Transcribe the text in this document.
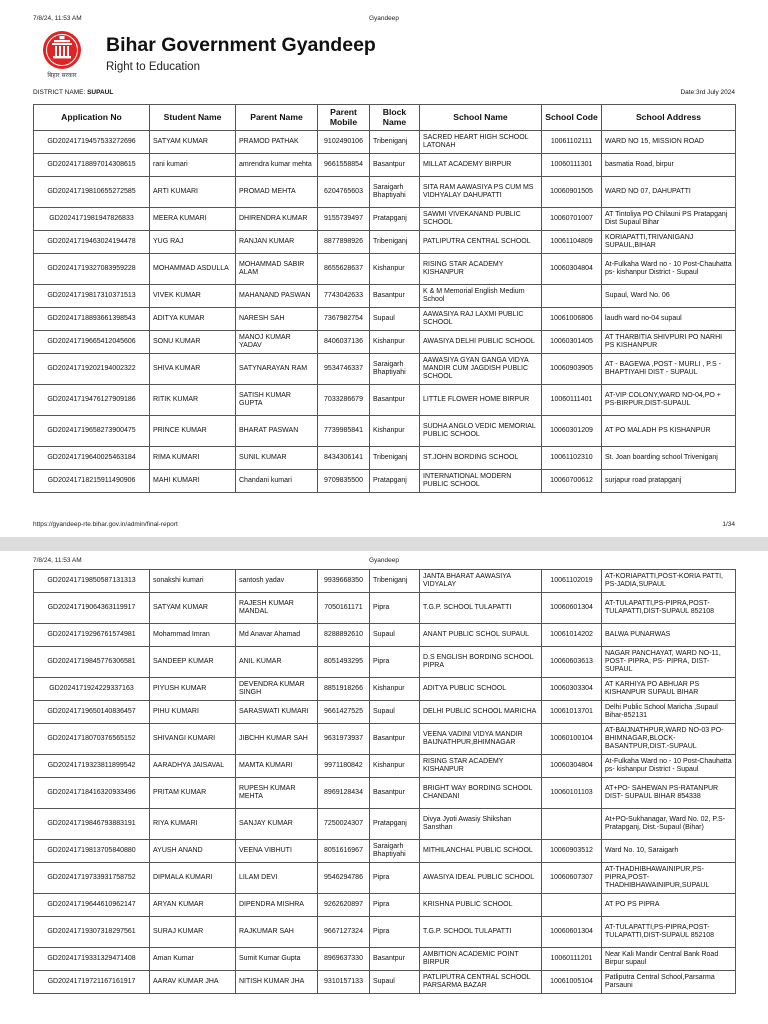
7/8/24, 11:53 AM	Gyandeep
बिहार सरकार
Bihar Government Gyandeep
Right to Education
DISTRICT NAME: SUPAUL	Date:3rd July 2024
Application No	Student Name	Parent Name	Parent Mobile	Block Name	School Name	School Code	School Address
GD20241719457533272696	SATYAM KUMAR	PRAMOD PATHAK	9102490106	Tribeniganj	SACRED HEART HIGH SCHOOL LATONAH	10061102111	WARD NO 15, MISSION ROAD
GD20241718897014308615	rani kumari	amrendra kumar mehta	9661558854	Basantpur	MILLAT ACADEMY BIRPUR	10060111301	basmatia Road, birpur
GD20241719810655272585	ARTI KUMARI	PROMAD MEHTA	6204765603	Saraigarh Bhaptiyahi	SITA RAM AAWASIYA PS CUM MS VIDHYALAY DAHUPATTI	10060901505	WARD NO 07, DAHUPATTI
GD2024171981947826833	MEERA KUMARI	DHIRENDRA KUMAR	9155739497	Pratapganj	SAWMI VIVEKANAND PUBLIC SCHOOL	10060701007	AT Tintoliya PO Chilauni PS Pratapganj Dist Supaul Bihar
GD20241719463024194478	YUG RAJ	RANJAN KUMAR	8877898926	Tribeniganj	PATLIPUTRA CENTRAL SCHOOL	10061104809	KORIAPATTI,TRIVANIGANJ SUPAUL,BIHAR
GD20241719327083959228	MOHAMMAD ASDULLA	MOHAMMAD SABIR ALAM	8655628637	Kishanpur	RISING STAR ACADEMY KISHANPUR	10060304804	At-Fulkaha Ward no - 10 Post-Chauhatta ps- kishanpur District - Supaul
GD20241719817310371513	VIVEK KUMAR	MAHANAND PASWAN	7743042633	Basantpur	K & M Memorial English Medium School		Supaul, Ward No. 06
GD20241718893661398543	ADITYA KUMAR	NARESH SAH	7367982754	Supaul	AAWASIYA RAJ LAXMI PUBLIC SCHOOL	10061006806	laudh ward no-04 supaul
GD20241719665412045606	SONU KUMAR	MANOJ KUMAR YADAV	8406037136	Kishanpur	AWASIYA DELHI PUBLIC SCHOOL	10060301405	AT THARBITIA SHIVPURI PO NARHI PS KISHANPUR
GD20241719202194002322	SHIVA KUMAR	SATYNARAYAN RAM	9534746337	Saraigarh Bhaptiyahi	AAWASIYA GYAN GANGA VIDYA MANDIR CUM JAGDISH PUBLIC SCHOOL	10060903905	AT - BAGEWA ,POST - MURLI , P.S - BHAPTIYAHI DIST - SUPAUL
GD20241719476127909186	RITIK KUMAR	SATISH KUMAR GUPTA	7033286679	Basantpur	LITTLE FLOWER HOME BIRPUR	10060111401	AT-VIP COLONY,WARD NO-04,PO + PS-BIRPUR,DIST-SUPAUL
GD20241719658273900475	PRINCE KUMAR	BHARAT PASWAN	7739985841	Kishanpur	SUDHA ANGLO VEDIC MEMORIAL PUBLIC SCHOOL	10060301209	AT PO MALADH PS KISHANPUR
GD20241719640025463184	RIMA KUMARI	SUNIL KUMAR	8434306141	Tribeniganj	ST.JOHN BORDING SCHOOL	10061102310	St. Joan boarding school Triveniganj
GD20241718215911490906	MAHI KUMARI	Chandani kumari	9709835500	Pratapganj	INTERNATIONAL MODERN PUBLIC SCHOOL	10060700612	surjapur road pratapganj
https://gyandeep-rte.bihar.gov.in/admin/final-report	1/34
7/8/24, 11:53 AM	Gyandeep
GD20241719850587131313	sonakshi kumari	santosh yadav	9939668350	Tribeniganj	JANTA BHARAT AAWASIYA VIDYALAY	10061102019	AT-KORIAPATTI,POST-KORIA PATTI, PS-JADIA,SUPAUL
GD20241719064363119917	SATYAM KUMAR	RAJESH KUMAR MANDAL	7050161171	Pipra	T.G.P. SCHOOL TULAPATTI	10060601304	AT-TULAPATTI,PS-PIPRA,POST-TULAPATTI,DIST-SUPAUL 852108
GD20241719296761574981	Mohammad Imran	Md Anavar Ahamad	8288892610	Supaul	ANANT PUBLIC SCHOL SUPAUL	10061014202	BALWA PUNARWAS
GD20241719845776306581	SANDEEP KUMAR	ANIL KUMAR	8051493295	Pipra	D.S ENGLISH BORDING SCHOOL PIPRA	10060603613	NAGAR PANCHAYAT, WARD NO-11, POST- PIPRA, PS- PIPRA, DIST- SUPAUL
GD2024171924229337163	PIYUSH KUMAR	DEVENDRA KUMAR SINGH	8851918266	Kishanpur	ADITYA PUBLIC SCHOOL	10060303304	AT KARHIYA PO ABHUAR PS KISHANPUR SUPAUL BIHAR
GD20241719650140836457	PIHU KUMARI	SARASWATI KUMARI	9661427525	Supaul	DELHI PUBLIC SCHOOL MARICHA	10061013701	Delhi Public School Maricha ,Supaul Bihar-852131
GD20241718070376565152	SHIVANGI KUMARI	JIBCHH KUMAR SAH	9631973937	Basantpur	VEENA VADINI VIDYA MANDIR BAIJNATHPUR,BHIMNAGAR	10060100104	AT-BAIJNATHPUR,WARD NO-03 PO-BHIMNAGAR,BLOCK-BASANTPUR,DIST.-SUPAUL
GD20241719323811899542	AARADHYA JAISAVAL	MAMTA KUMARI	9971180842	Kishanpur	RISING STAR ACADEMY KISHANPUR	10060304804	At-Fulkaha Ward no - 10 Post-Chauhatta ps- kishanpur District - Supaul
GD20241718416320933496	PRITAM KUMAR	RUPESH KUMAR MEHTA	8969128434	Basantpur	BRIGHT WAY BORDING SCHOOL CHANDANI	10060101103	AT+PO- SAHEWAN PS-RATANPUR DIST- SUPAUL BIHAR 854338
GD20241719846793883191	RIYA KUMARI	SANJAY KUMAR	7250024307	Pratapganj	Divya Jyoti Awasiy Shikshan Sansthan		At+PO-Sukhanagar, Ward No. 02, P.S-Pratapganj, Dist.-Supaul (Bihar)
GD20241719813705840880	AYUSH ANAND	VEENA VIBHUTI	8051616967	Saraigarh Bhaptiyahi	MITHILANCHAL PUBLIC SCHOOL	10060903512	Ward No. 10, Saraigarh
GD20241719733931758752	DIPMALA KUMARI	LILAM DEVI	9546294786	Pipra	AWASIYA IDEAL PUBLIC SCHOOL	10060607307	AT-THADHIBHAWAINIPUR,PS-PIPRA,POST-THADHIBHAWAINIPUR,SUPAUL
GD20241719644610962147	ARYAN KUMAR	DIPENDRA MISHRA	9262620897	Pipra	KRISHNA PUBLIC SCHOOL		AT PO PS PIPRA
GD20241719307318297561	SURAJ KUMAR	RAJKUMAR SAH	9667127324	Pipra	T.G.P. SCHOOL TULAPATTI	10060601304	AT-TULAPATTI,PS-PIPRA,POST-TULAPATTI,DIST-SUPAUL 852108
GD20241719331329471408	Aman Kumar	Sumit Kumar Gupta	8969637330	Basantpur	AMBITION ACADEMIC POINT BIRPUR	10060111201	Near Kali Mandir Central Bank Road Birpur supaul
GD20241719721167161917	AARAV KUMAR JHA	NITISH KUMAR JHA	9310157133	Supaul	PATLIPUTRA CENTRAL SCHOOL PARSARMA BAZAR	10061005104	Patliputra Central School,Parsarma Parsauni
